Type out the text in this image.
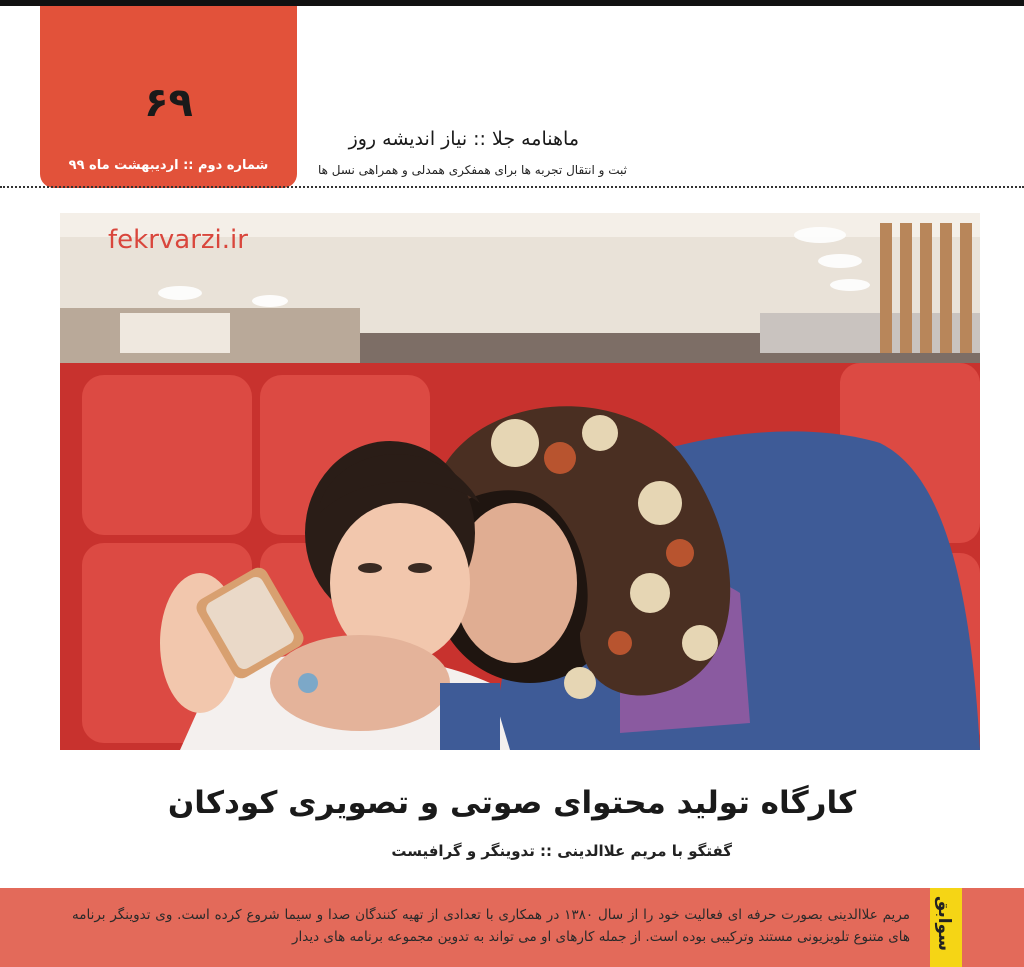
۶۹
شماره دوم :: اردیبهشت ماه ۹۹
ماهنامه جلا :: نیاز اندیشه روز
ثبت و انتقال تجربه ها برای همفکری همدلی و همراهی نسل ها
fekrvarzi.ir
کارگاه تولید محتوای صوتی و تصویری کودکان
گفتگو با مریم علاالدینی :: تدوینگر و گرافیست
سوابق
مریم علاالدینی بصورت حرفه ای فعالیت خود را از سال ۱۳۸۰ در همکاری با تعدادی از تهیه کنندگان صدا و سیما شروع کرده است. وی تدوینگر برنامه های متنوع تلویزیونی مستند وترکیبی بوده است. از جمله کارهای او می تواند به تدوین مجموعه برنامه های دیدار
